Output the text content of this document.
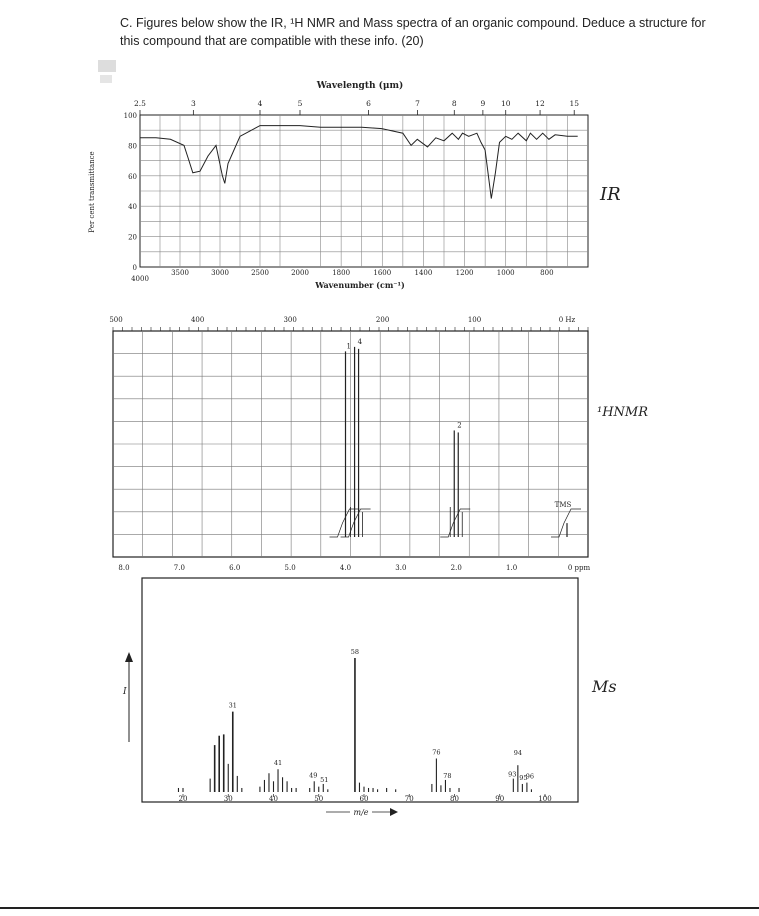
C. Figures below show the IR, ¹H NMR and Mass spectra of an organic compound. Deduce a structure for this compound that are compatible with these info. (20)
Wavelength (μm)
2.5	3	4	5	6	7	8	9 10	12	15
0
20
40
60
80
100
Per cent transmittance
4000
3500	3000	2500	2000	1800	1600	1400	1200	1000	800
Wavenumber (cm⁻¹)
IR
500	400	300	200	100	0 Hz
1
4
2
TMS
8.0	7.0	6.0	5.0	4.0	3.0	2.0	1.0	0 ppm
¹HNMR
I
31
41
49
51
58
76
78	93
94
95
96
20	30	40	50	60	70	80	90	100
m/e
Ms
